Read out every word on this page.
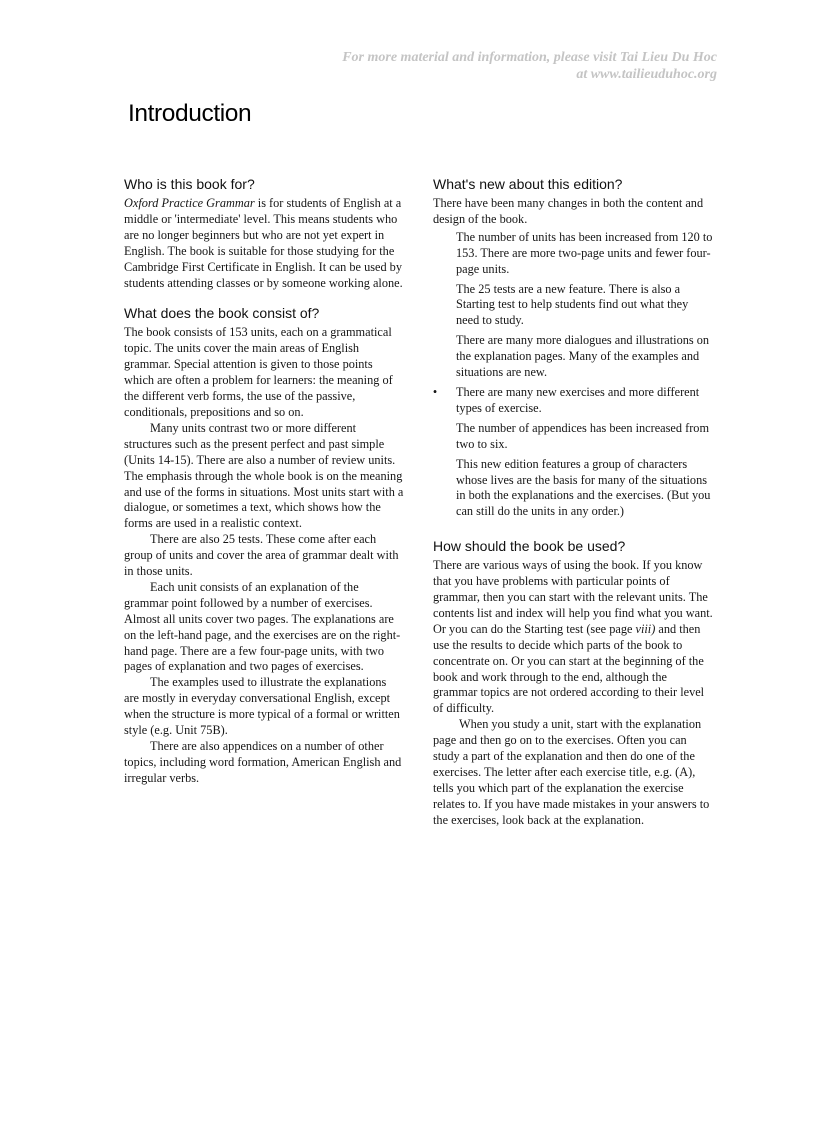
For more material and information, please visit Tai Lieu Du Hoc
at www.tailieuduhoc.org
Introduction
Who is this book for?

Oxford Practice Grammar is for students of English at a middle or 'intermediate' level. This means students who are no longer beginners but who are not yet expert in English. The book is suitable for those studying for the Cambridge First Certificate in English. It can be used by students attending classes or by someone working alone.

What does the book consist of?

The book consists of 153 units, each on a grammatical topic. The units cover the main areas of English grammar. Special attention is given to those points which are often a problem for learners: the meaning of the different verb forms, the use of the passive, conditionals, prepositions and so on.

Many units contrast two or more different structures such as the present perfect and past simple (Units 14-15). There are also a number of review units. The emphasis through the whole book is on the meaning and use of the forms in situations. Most units start with a dialogue, or sometimes a text, which shows how the forms are used in a realistic context.

There are also 25 tests. These come after each group of units and cover the area of grammar dealt with in those units.

Each unit consists of an explanation of the grammar point followed by a number of exercises. Almost all units cover two pages. The explanations are on the left-hand page, and the exercises are on the right-hand page. There are a few four-page units, with two pages of explanation and two pages of exercises.

The examples used to illustrate the explanations are mostly in everyday conversational English, except when the structure is more typical of a formal or written style (e.g. Unit 75B).

There are also appendices on a number of other topics, including word formation, American English and irregular verbs.

What's new about this edition?

There have been many changes in both the content and design of the book.

The number of units has been increased from 120 to 153. There are more two-page units and fewer four-page units.
The 25 tests are a new feature. There is also a Starting test to help students find out what they need to study.
There are many more dialogues and illustrations on the explanation pages. Many of the examples and situations are new.
• There are many new exercises and more different types of exercise.
The number of appendices has been increased from two to six.
This new edition features a group of characters whose lives are the basis for many of the situations in both the explanations and the exercises. (But you can still do the units in any order.)
How should the book be used?

There are various ways of using the book. If you know that you have problems with particular points of grammar, then you can start with the relevant units. The contents list and index will help you find what you want. Or you can do the Starting test (see page viii) and then use the results to decide which parts of the book to concentrate on. Or you can start at the beginning of the book and work through to the end, although the grammar topics are not ordered according to their level of difficulty.

When you study a unit, start with the explanation page and then go on to the exercises. Often you can study a part of the explanation and then do one of the exercises. The letter after each exercise title, e.g. (A), tells you which part of the explanation the exercise relates to. If you have made mistakes in your answers to the exercises, look back at the explanation.
